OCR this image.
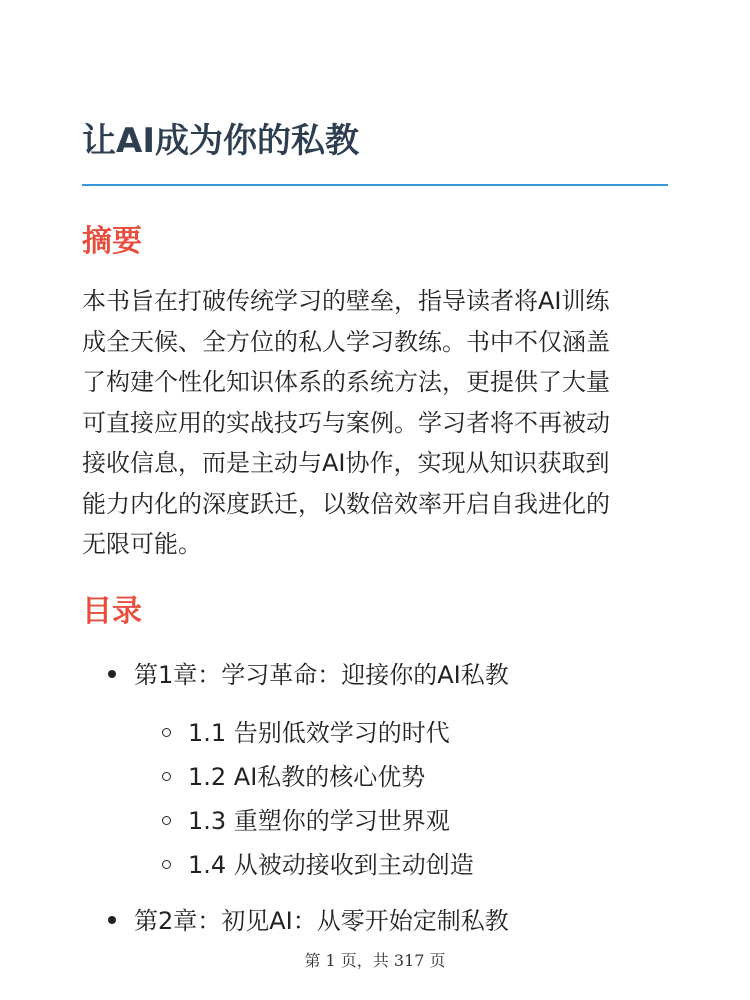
让AI成为你的私教
摘要

本书旨在打破传统学习的壁垒，指导读者将AI训练
成全天候、全方位的私人学习教练。书中不仅涵盖
了构建个性化知识体系的系统方法，更提供了大量
可直接应用的实战技巧与案例。学习者将不再被动
接收信息，而是主动与AI协作，实现从知识获取到
能力内化的深度跃迁，以数倍效率开启自我进化的
无限可能。

目录
第1章：学习革命：迎接你的AI私教
1.1 告别低效学习的时代
1.2 AI私教的核心优势
1.3 重塑你的学习世界观
1.4 从被动接收到主动创造
第2章：初见AI：从零开始定制私教
第 1 页，共 317 页
